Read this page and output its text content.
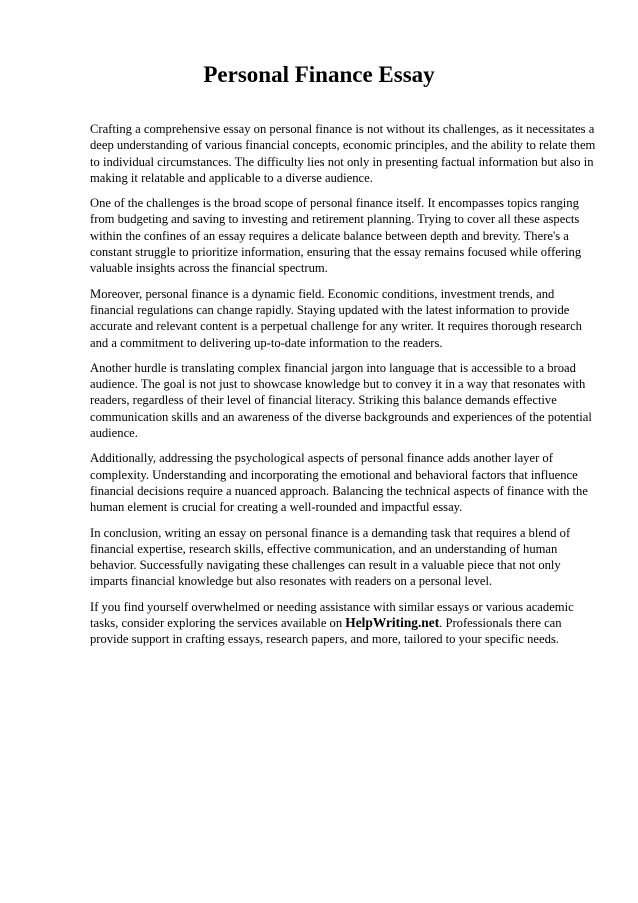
Personal Finance Essay

Crafting a comprehensive essay on personal finance is not without its challenges, as it necessitates a deep understanding of various financial concepts, economic principles, and the ability to relate them to individual circumstances. The difficulty lies not only in presenting factual information but also in making it relatable and applicable to a diverse audience.

One of the challenges is the broad scope of personal finance itself. It encompasses topics ranging from budgeting and saving to investing and retirement planning. Trying to cover all these aspects within the confines of an essay requires a delicate balance between depth and brevity. There's a constant struggle to prioritize information, ensuring that the essay remains focused while offering valuable insights across the financial spectrum.

Moreover, personal finance is a dynamic field. Economic conditions, investment trends, and financial regulations can change rapidly. Staying updated with the latest information to provide accurate and relevant content is a perpetual challenge for any writer. It requires thorough research and a commitment to delivering up-to-date information to the readers.

Another hurdle is translating complex financial jargon into language that is accessible to a broad audience. The goal is not just to showcase knowledge but to convey it in a way that resonates with readers, regardless of their level of financial literacy. Striking this balance demands effective communication skills and an awareness of the diverse backgrounds and experiences of the potential audience.

Additionally, addressing the psychological aspects of personal finance adds another layer of complexity. Understanding and incorporating the emotional and behavioral factors that influence financial decisions require a nuanced approach. Balancing the technical aspects of finance with the human element is crucial for creating a well-rounded and impactful essay.

In conclusion, writing an essay on personal finance is a demanding task that requires a blend of financial expertise, research skills, effective communication, and an understanding of human behavior. Successfully navigating these challenges can result in a valuable piece that not only imparts financial knowledge but also resonates with readers on a personal level.

If you find yourself overwhelmed or needing assistance with similar essays or various academic tasks, consider exploring the services available on HelpWriting.net. Professionals there can provide support in crafting essays, research papers, and more, tailored to your specific needs.
